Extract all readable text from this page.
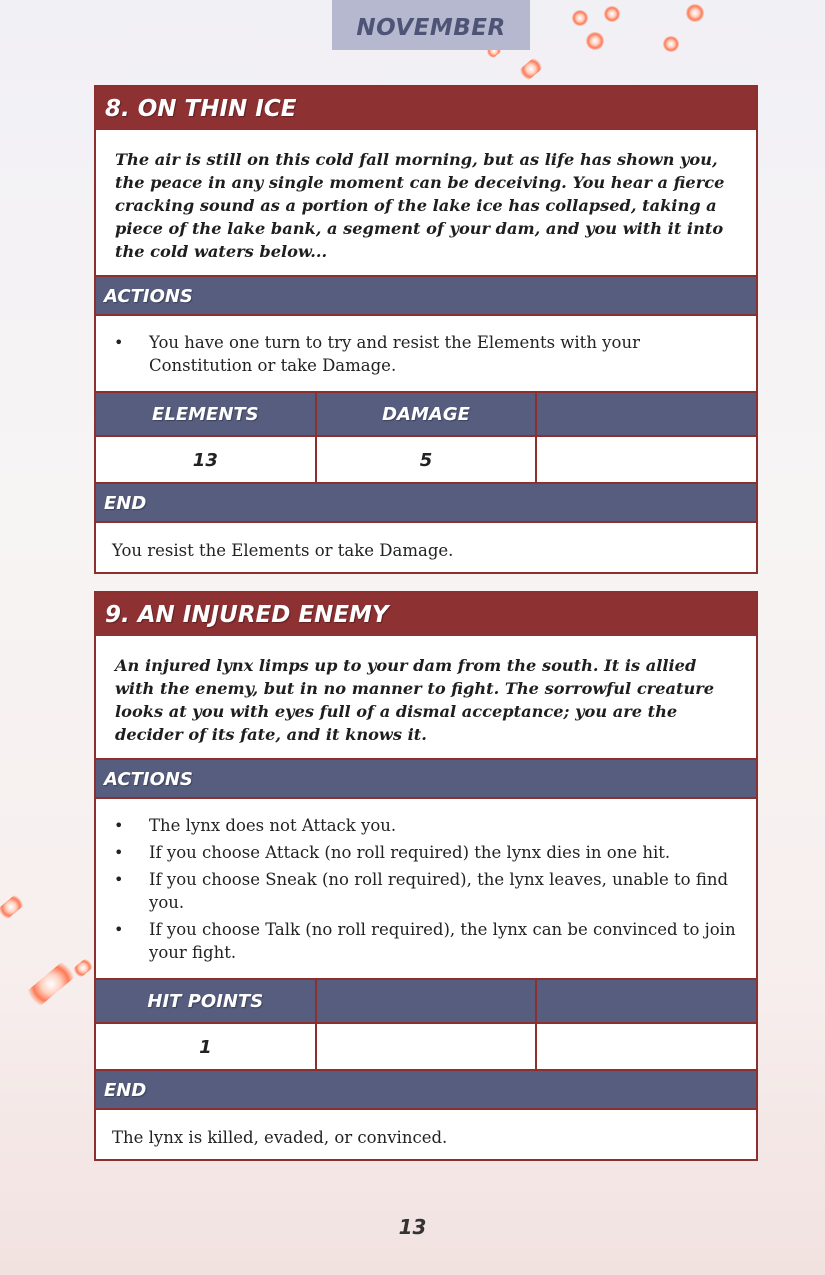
NOVEMBER
8. ON THIN ICE
The air is still on this cold fall morning, but as life has shown you, the peace in any single moment can be deceiving. You hear a fierce cracking sound as a portion of the lake ice has collapsed, taking a piece of the lake bank, a segment of your dam, and you with it into the cold waters below...
ACTIONS
• You have one turn to try and resist the Elements with your Constitution or take Damage.
ELEMENTS	DAMAGE
13	5
END
You resist the Elements or take Damage.
9. AN INJURED ENEMY
An injured lynx limps up to your dam from the south. It is allied with the enemy, but in no manner to fight. The sorrowful creature looks at you with eyes full of a dismal acceptance; you are the decider of its fate, and it knows it.
ACTIONS
• The lynx does not Attack you.
• If you choose Attack (no roll required) the lynx dies in one hit.
• If you choose Sneak (no roll required), the lynx leaves, unable to find you.
• If you choose Talk (no roll required), the lynx can be convinced to join your fight.
HIT POINTS
1
END
The lynx is killed, evaded, or convinced.
13
